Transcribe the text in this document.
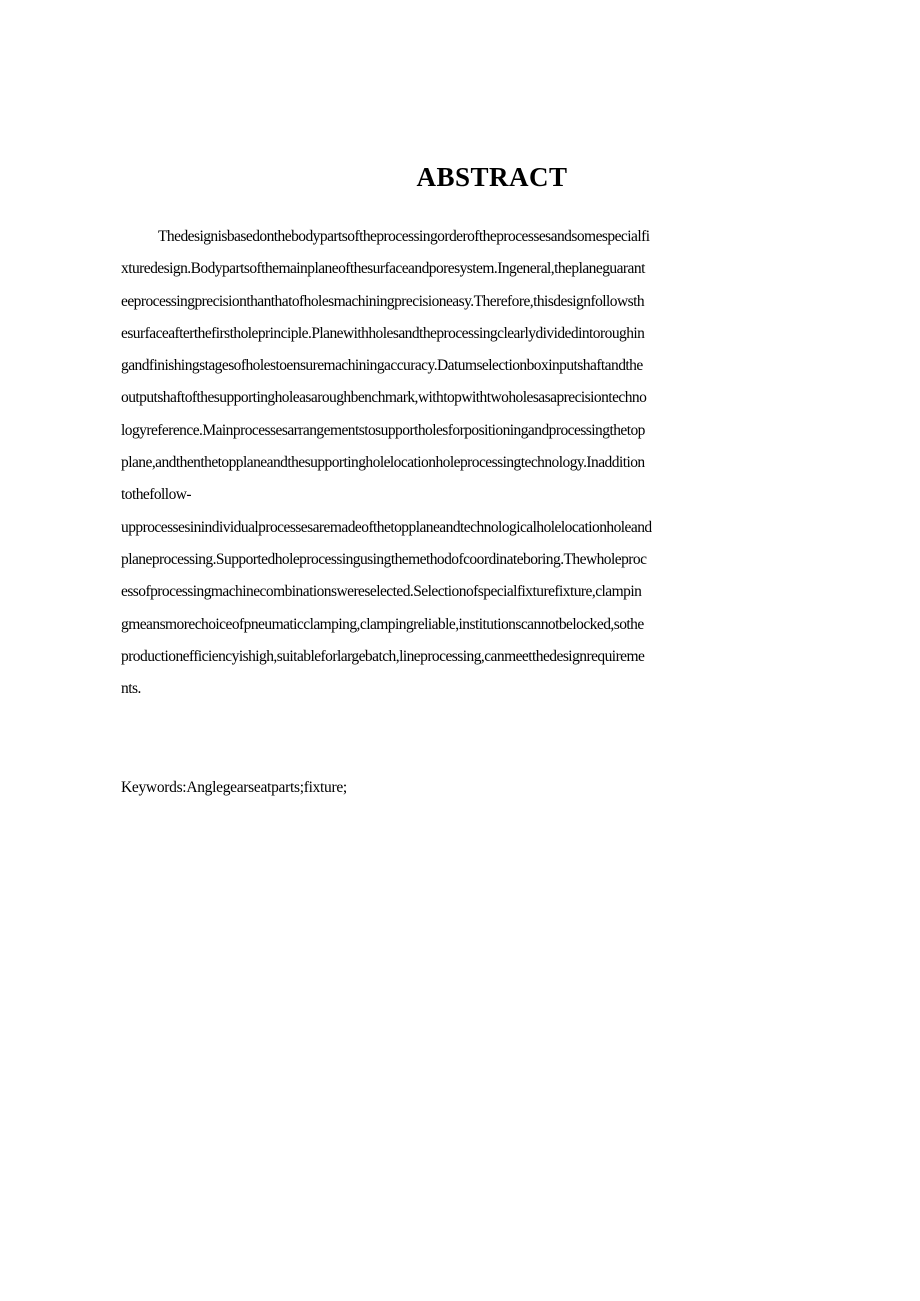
ABSTRACT
Thedesignisbasedonthebodypartsoftheprocessingorderoftheprocessesandsomespecialfi
xturedesign.Bodypartsofthemainplaneofthesurfaceandporesystem.Ingeneral,theplaneguarant
eeprocessingprecisionthanthatofholesmachiningprecisioneasy.Therefore,thisdesignfollowsth
esurfaceafterthefirstholeprinciple.Planewithholesandtheprocessingclearlydividedintoroughin
gandfinishingstagesofholestoensuremachiningaccuracy.Datumselectionboxinputshaftandthe
outputshaftofthesupportingholeasaroughbenchmark,withtopwithtwoholesasaprecisiontechno
logyreference.Mainprocessesarrangementstosupportholesforpositioningandprocessingthetop
plane,andthenthetopplaneandthesupportingholelocationholeprocessingtechnology.Inaddition
tothefollow-
upprocessesinindividualprocessesaremadeofthetopplaneandtechnologicalholelocationholeand
planeprocessing.Supportedholeprocessingusingthemethodofcoordinateboring.Thewholeproc
essofprocessingmachinecombinationswereselected.Selectionofspecialfixturefixture,clampin
gmeansmorechoiceofpneumaticclamping,clampingreliable,institutionscannotbelocked,sothe
productionefficiencyishigh,suitableforlargebatch,lineprocessing,canmeetthedesignrequireme
nts.

Keywords:Anglegearseatparts;fixture;
